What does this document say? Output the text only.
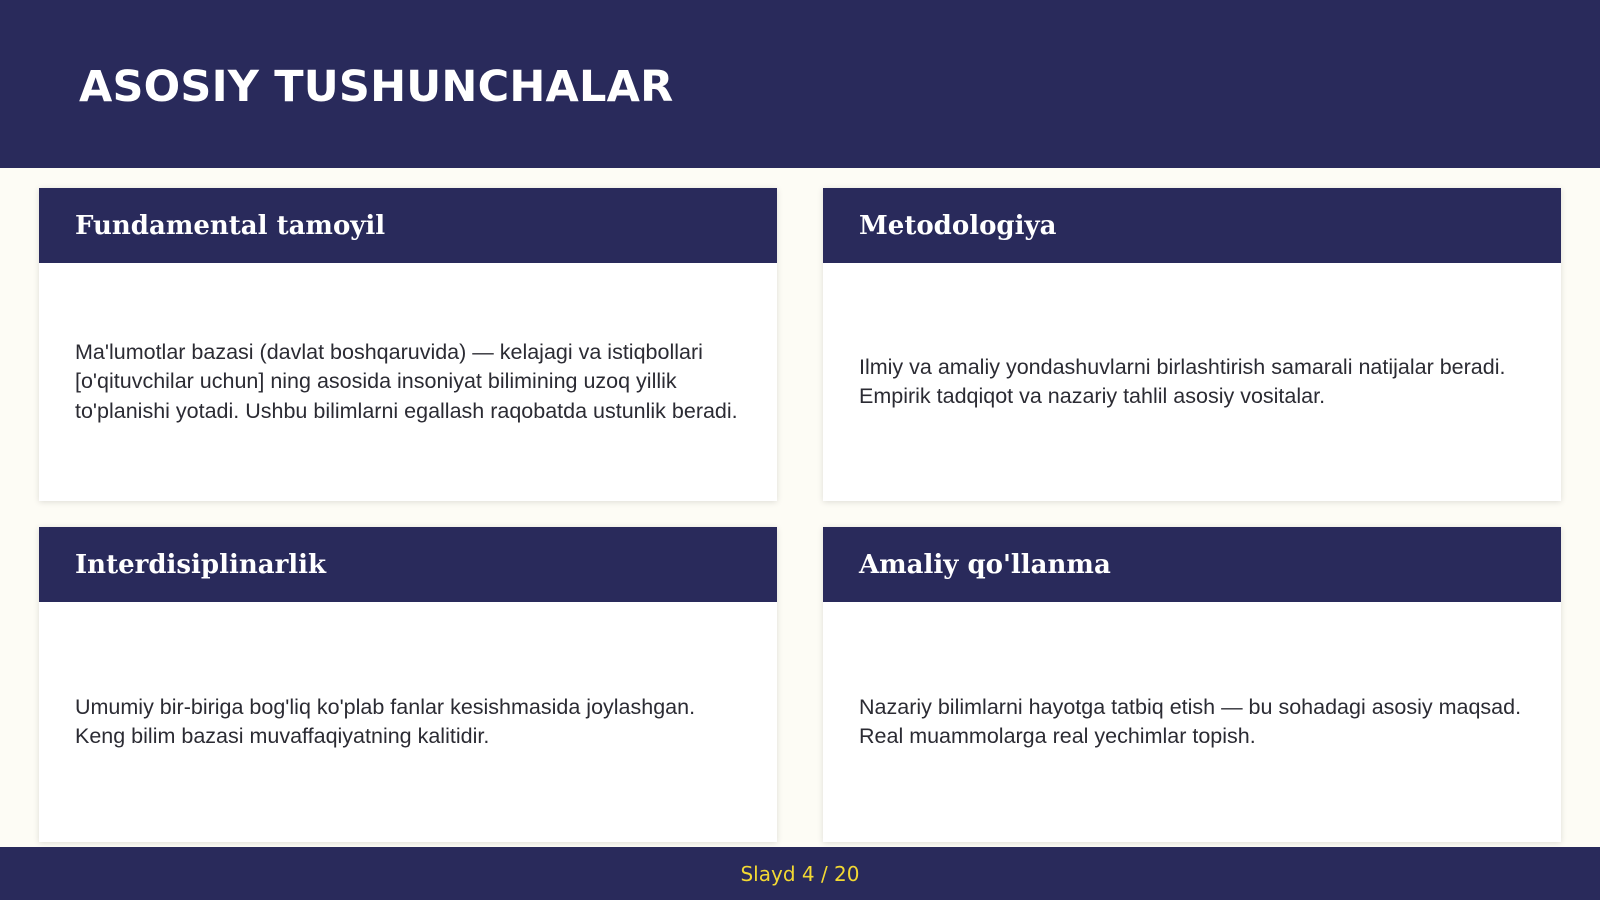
ASOSIY TUSHUNCHALAR
Fundamental tamoyil

Ma'lumotlar bazasi (davlat boshqaruvida) — kelajagi va istiqbollari [o'qituvchilar uchun] ning asosida insoniyat bilimining uzoq yillik to'planishi yotadi. Ushbu bilimlarni egallash raqobatda ustunlik beradi.

Metodologiya

Ilmiy va amaliy yondashuvlarni birlashtirish samarali natijalar beradi. Empirik tadqiqot va nazariy tahlil asosiy vositalar.

Interdisiplinarlik

Umumiy bir-biriga bog'liq ko'plab fanlar kesishmasida joylashgan. Keng bilim bazasi muvaffaqiyatning kalitidir.

Amaliy qo'llanma

Nazariy bilimlarni hayotga tatbiq etish — bu sohadagi asosiy maqsad. Real muammolarga real yechimlar topish.

Slayd 4 / 20
